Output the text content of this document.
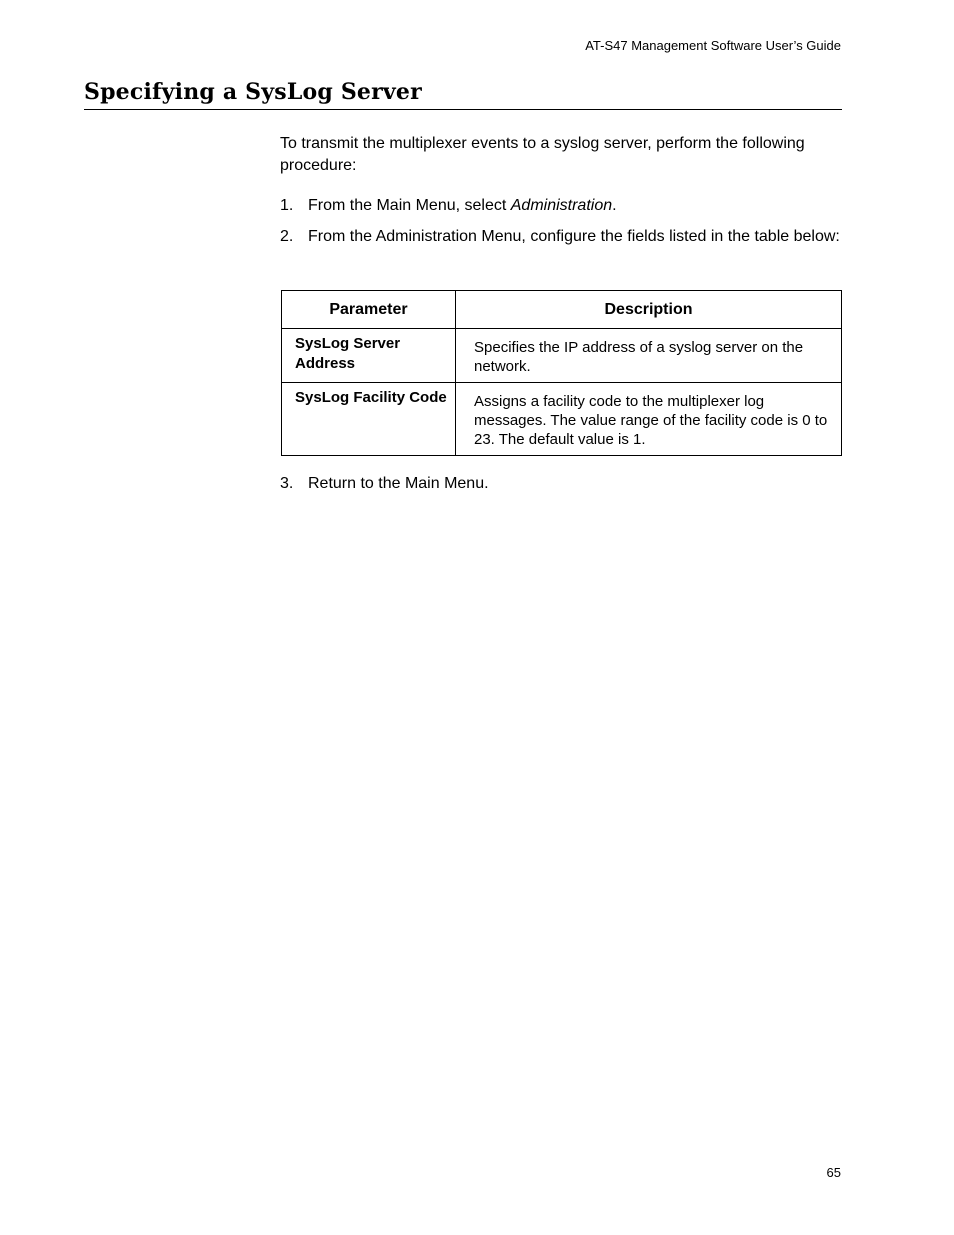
AT-S47 Management Software User’s Guide
Specifying a SysLog Server

To transmit the multiplexer events to a syslog server, perform the following procedure:

1. From the Main Menu, select Administration.
2. From the Administration Menu, configure the fields listed in the table below:
Parameter	Description
SysLog Server Address	Specifies the IP address of a syslog server on the network.
SysLog Facility Code	Assigns a facility code to the multiplexer log messages. The value range of the facility code is 0 to 23. The default value is 1.
3. Return to the Main Menu.
65
